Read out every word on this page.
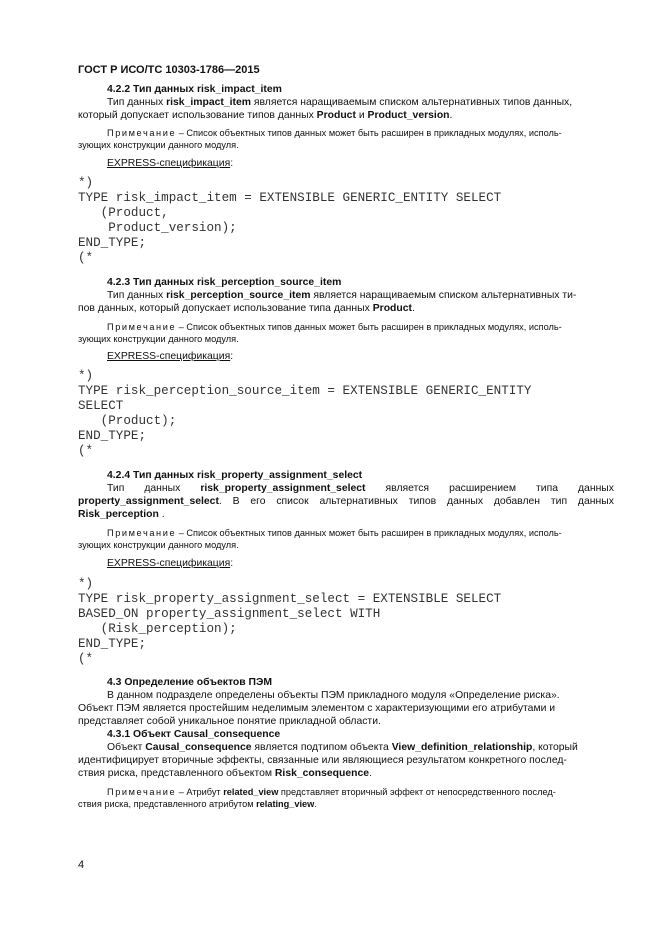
ГОСТ Р ИСО/ТС 10303-1786—2015
4.2.2 Тип данных risk_impact_item
Тип данных risk_impact_item является наращиваемым списком альтернативных типов данных,
который допускает использование типов данных Product и Product_version.
Примечание – Список объектных типов данных может быть расширен в прикладных модулях, исполь-
зующих конструкции данного модуля.
EXPRESS-спецификация:
*)
TYPE risk_impact_item = EXTENSIBLE GENERIC_ENTITY SELECT
(Product,
Product_version);
END_TYPE;
(*
4.2.3 Тип данных risk_perception_source_item
Тип данных risk_perception_source_item является наращиваемым списком альтернативных ти-
пов данных, который допускает использование типа данных Product.
Примечание – Список объектных типов данных может быть расширен в прикладных модулях, исполь-
зующих конструкции данного модуля.
EXPRESS-спецификация:
*)
TYPE risk_perception_source_item = EXTENSIBLE GENERIC_ENTITY
SELECT
(Product);
END_TYPE;
(*
4.2.4 Тип данных risk_property_assignment_select
Тип данных risk_property_assignment_select является расширением типа данных
property_assignment_select. В его список альтернативных типов данных добавлен тип данных
Risk_perception .
Примечание – Список объектных типов данных может быть расширен в прикладных модулях, исполь-
зующих конструкции данного модуля.
EXPRESS-спецификация:
*)
TYPE risk_property_assignment_select = EXTENSIBLE SELECT
BASED_ON property_assignment_select WITH
(Risk_perception);
END_TYPE;
(*
4.3 Определение объектов ПЭМ
В данном подразделе определены объекты ПЭМ прикладного модуля «Определение риска».
Объект ПЭМ является простейшим неделимым элементом с характеризующими его атрибутами и
представляет собой уникальное понятие прикладной области.
4.3.1 Объект Causal_consequence
Объект Causal_consequence является подтипом объекта View_definition_relationship, который
идентифицирует вторичные эффекты, связанные или являющиеся результатом конкретного послед-
ствия риска, представленного объектом Risk_consequence.
Примечание – Атрибут related_view представляет вторичный эффект от непосредственного послед-
ствия риска, представленного атрибутом relating_view.
4
